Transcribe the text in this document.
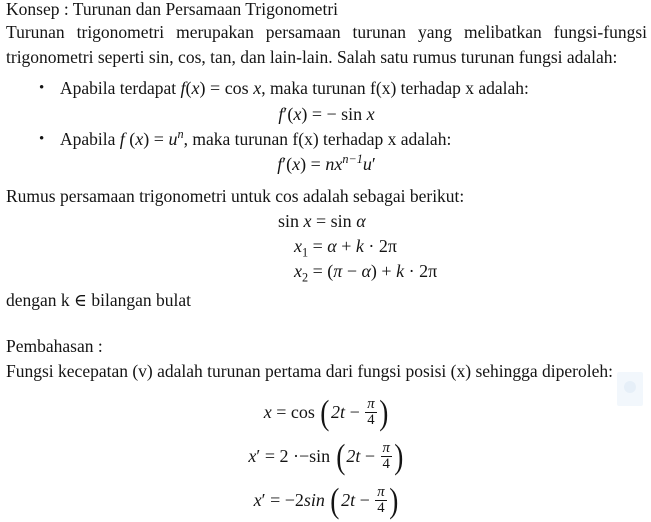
Konsep : Turunan dan Persamaan Trigonometri

Turunan trigonometri merupakan persamaan turunan yang melibatkan fungsi-fungsi trigonometri seperti sin, cos, tan, dan lain-lain. Salah satu rumus turunan fungsi adalah:

• Apabila terdapat f(x) = cos x, maka turunan f(x) terhadap x adalah:
f′(x) = − sin x
• Apabila f $(x) = u^n$, maka turunan f(x) terhadap x adalah:
$f'(x) = nx^{n-1}u'$
Rumus persamaan trigonometri untuk cos adalah sebagai berikut:
sin x = sin α
$x_1 = \alpha + k \cdot 2\pi$
$x_2 = (\pi - \alpha) + k \cdot 2\pi$
dengan k ∈ bilangan bulat
Pembahasan :

Fungsi kecepatan (v) adalah turunan pertama dari fungsi posisi (x) sehingga diperoleh:

$x = \cos (2t - \frac{\pi}{4}$ )
x′ = 2 ·−sin ($2t - \frac{\pi}{4}$ )
x′ = −2sin ($2t - \frac{\pi}{4}$ )
